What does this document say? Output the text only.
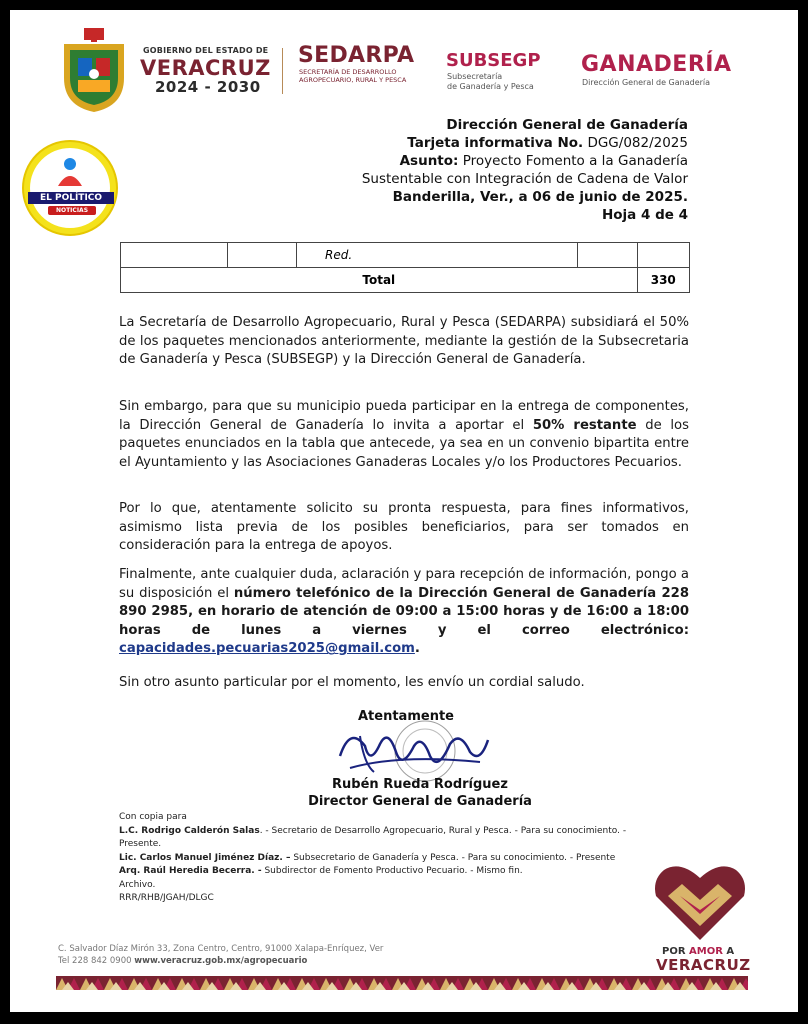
GOBIERNO DEL ESTADO DE
VERACRUZ
2024 - 2030
SEDARPA
SECRETARÍA DE DESARROLLO AGROPECUARIO, RURAL Y PESCA
SUBSEGP
Subsecretaría
de Ganadería y Pesca
GANADERÍA
Dirección General de Ganadería
EL POLÍTICO
NOTICIAS
Dirección General de Ganadería
Tarjeta informativa No. DGG/082/2025
Asunto: Proyecto Fomento a la Ganadería
Sustentable con Integración de Cadena de Valor
Banderilla, Ver., a 06 de junio de 2025.
Hoja 4 de 4
		Red.		
Total				330
La Secretaría de Desarrollo Agropecuario, Rural y Pesca (SEDARPA) subsidiará el 50% de los paquetes mencionados anteriormente, mediante la gestión de la Subsecretaria de Ganadería y Pesca (SUBSEGP) y la Dirección General de Ganadería.
Sin embargo, para que su municipio pueda participar en la entrega de componentes, la Dirección General de Ganadería lo invita a aportar el 50% restante de los paquetes enunciados en la tabla que antecede, ya sea en un convenio bipartita entre el Ayuntamiento y las Asociaciones Ganaderas Locales y/o los Productores Pecuarios.
Por lo que, atentamente solicito su pronta respuesta, para fines informativos, asimismo lista previa de los posibles beneficiarios, para ser tomados en consideración para la entrega de apoyos.
Finalmente, ante cualquier duda, aclaración y para recepción de información, pongo a su disposición el número telefónico de la Dirección General de Ganadería 228 890 2985, en horario de atención de 09:00 a 15:00 horas y de 16:00 a 18:00 horas de lunes a viernes y el correo electrónico: capacidades.pecuarias2025@gmail.com.
Sin otro asunto particular por el momento, les envío un cordial saludo.
Atentamente
Rubén Rueda Rodríguez
Director General de Ganadería
Con copia para
L.C. Rodrigo Calderón Salas. - Secretario de Desarrollo Agropecuario, Rural y Pesca. - Para su conocimiento. -
Presente.
Lic. Carlos Manuel Jiménez Díaz. – Subsecretario de Ganadería y Pesca. - Para su conocimiento. - Presente
Arq. Raúl Heredia Becerra. - Subdirector de Fomento Productivo Pecuario. - Mismo fin.
Archivo.
RRR/RHB/JGAH/DLGC
C. Salvador Díaz Mirón 33, Zona Centro, Centro, 91000 Xalapa-Enríquez, Ver
Tel 228 842 0900 www.veracruz.gob.mx/agropecuario
POR AMOR A
VERACRUZ
